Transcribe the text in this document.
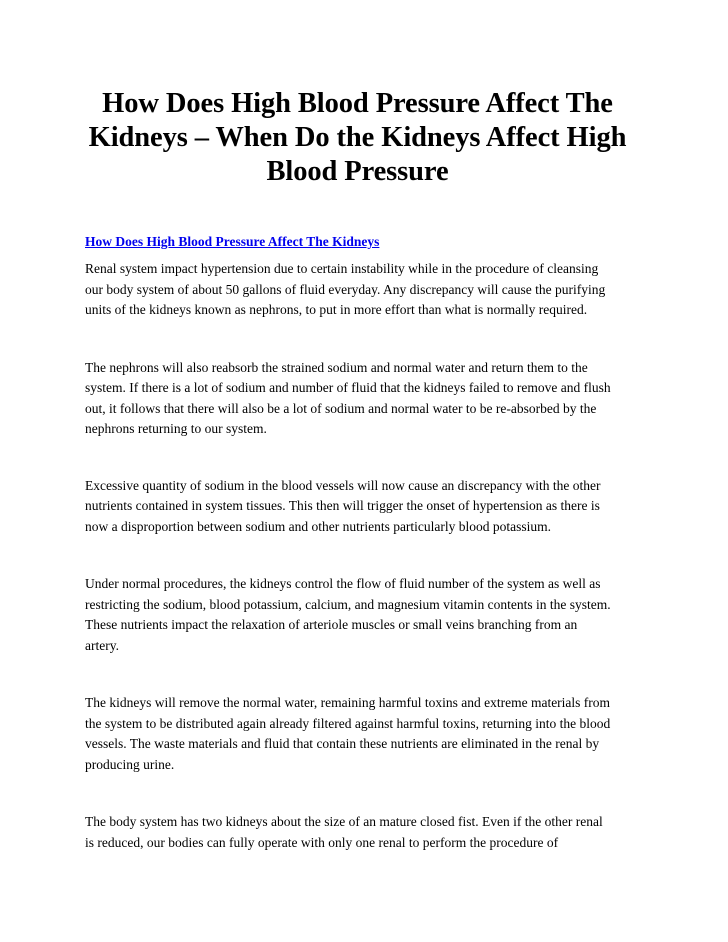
How Does High Blood Pressure Affect The
Kidneys – When Do the Kidneys Affect High
Blood Pressure
How Does High Blood Pressure Affect The Kidneys

Renal system impact hypertension due to certain instability while in the procedure of cleansing
our body system of about 50 gallons of fluid everyday. Any discrepancy will cause the purifying
units of the kidneys known as nephrons, to put in more effort than what is normally required.

The nephrons will also reabsorb the strained sodium and normal water and return them to the
system. If there is a lot of sodium and number of fluid that the kidneys failed to remove and flush
out, it follows that there will also be a lot of sodium and normal water to be re-absorbed by the
nephrons returning to our system.

Excessive quantity of sodium in the blood vessels will now cause an discrepancy with the other
nutrients contained in system tissues. This then will trigger the onset of hypertension as there is
now a disproportion between sodium and other nutrients particularly blood potassium.

Under normal procedures, the kidneys control the flow of fluid number of the system as well as
restricting the sodium, blood potassium, calcium, and magnesium vitamin contents in the system.
These nutrients impact the relaxation of arteriole muscles or small veins branching from an
artery.

The kidneys will remove the normal water, remaining harmful toxins and extreme materials from
the system to be distributed again already filtered against harmful toxins, returning into the blood
vessels. The waste materials and fluid that contain these nutrients are eliminated in the renal by
producing urine.

The body system has two kidneys about the size of an mature closed fist. Even if the other renal
is reduced, our bodies can fully operate with only one renal to perform the procedure of
